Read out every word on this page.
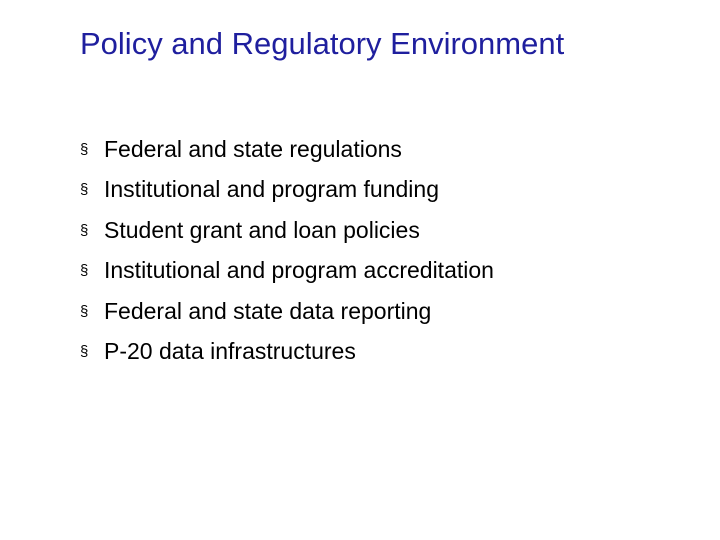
Policy and Regulatory Environment
§ Federal and state regulations
§ Institutional and program funding
§ Student grant and loan policies
§ Institutional and program accreditation
§ Federal and state data reporting
§ P-20 data infrastructures
